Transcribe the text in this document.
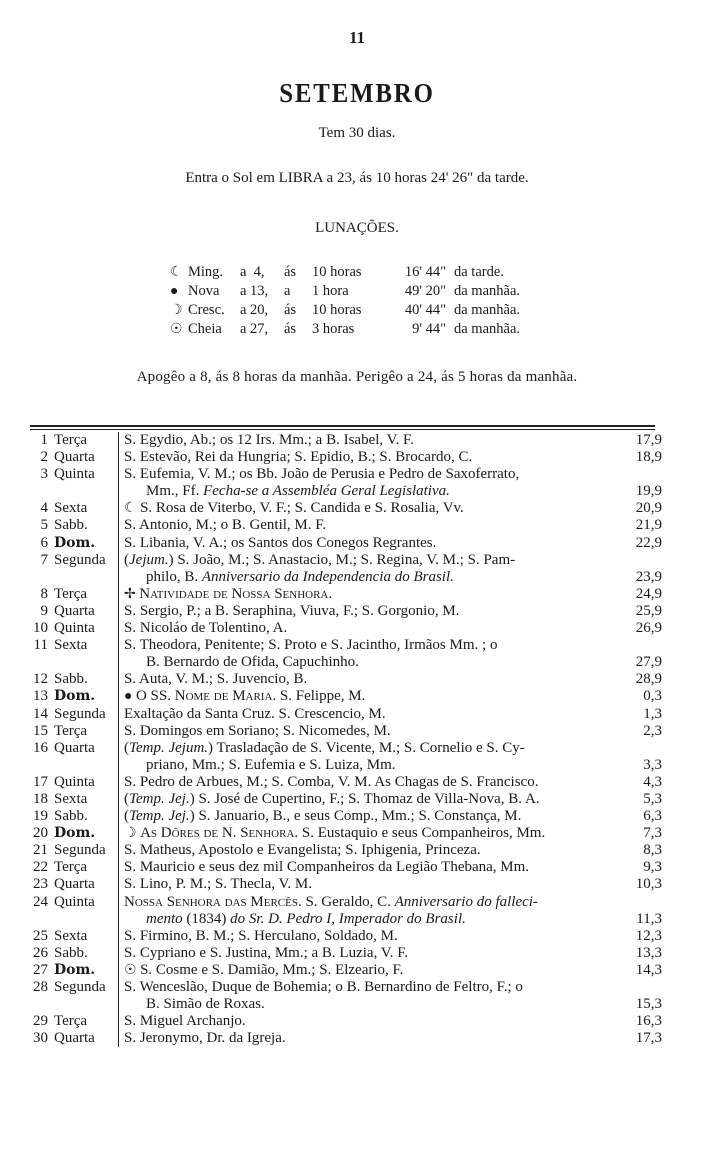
11
SETEMBRO
Tem 30 dias.
Entra o Sol em LIBRA a 23, ás 10 horas 24' 26" da tarde.
LUNAÇÕES.
☾ Ming.	a  4,	ás	10 horas	16' 44" da tarde.
● Nova	a 13,	a	1 hora	49' 20" da manhãa.
☽ Cresc.	a 20,	ás	10 horas	40' 44" da manhãa.
☉ Cheia	a 27,	ás	3 horas	9' 44" da manhãa.
Apogêo a 8, ás 8 horas da manhãa. Perigêo a 24, ás 5 horas da manhãa.
1 Terça S. Egydio, Ab.; os 12 Irs. Mm.; a B. Isabel, V. F.	17,9
2 Quarta S. Estevão, Rei da Hungria; S. Epidio, B.; S. Brocardo, C.	18,9
3 Quinta S. Eufemia, V. M.; os Bb. João de Perusia e Pedro de Saxoferrato,
Mm., Ff. Fecha-se a Assembléa Geral Legislativa.	19,9
4 Sexta	☾ S. Rosa de Viterbo, V. F.; S. Candida e S. Rosalia, Vv.	20,9
5 Sabb. S. Antonio, M.; o B. Gentil, M. F.	21,9
6 Dom. S. Libania, V. A.; os Santos dos Conegos Regrantes.	22,9
7 Segunda (Jejum.) S. João, M.; S. Anastacio, M.; S. Regina, V. M.; S. Pam-
philo, B. Anniversario da Independencia do Brasil.	23,9
8 Terça	✢ Natividade de Nossa Senhora.	24,9
9 Quarta S. Sergio, P.; a B. Seraphina, Viuva, F.; S. Gorgonio, M.	25,9
10 Quinta S. Nicoláo de Tolentino, A.	26,9
11 Sexta S. Theodora, Penitente; S. Proto e S. Jacintho, Irmãos Mm. ; o
B. Bernardo de Ofida, Capuchinho.	27,9
12 Sabb. S. Auta, V. M.; S. Juvencio, B.	28,9
13 Dom. ● O SS. Nome de Maria. S. Felippe, M.	0,3
14 Segunda Exaltação da Santa Cruz. S. Crescencio, M.	1,3
15 Terça S. Domingos em Soriano; S. Nicomedes, M.	2,3
16 Quarta (Temp. Jejum.) Trasladação de S. Vicente, M.; S. Cornelio e S. Cy-
priano, Mm.; S. Eufemia e S. Luiza, Mm.	3,3
17 Quinta S. Pedro de Arbues, M.; S. Comba, V. M. As Chagas de S. Francisco.	4,3
18 Sexta (Temp. Jej.) S. José de Cupertino, F.; S. Thomaz de Villa-Nova, B. A.	5,3
19 Sabb. (Temp. Jej.) S. Januario, B., e seus Comp., Mm.; S. Constança, M.	6,3
20 Dom. ☽ As Dôres de N. Senhora. S. Eustaquio e seus Companheiros, Mm.	7,3
21 Segunda S. Matheus, Apostolo e Evangelista; S. Iphigenia, Princeza.	8,3
22 Terça S. Mauricio e seus dez mil Companheiros da Legião Thebana, Mm.	9,3
23 Quarta S. Lino, P. M.; S. Thecla, V. M.	10,3
24 Quinta Nossa Senhora das Mercês. S. Geraldo, C. Anniversario do falleci-
mento (1834) do Sr. D. Pedro I, Imperador do Brasil.	11,3
25 Sexta S. Firmino, B. M.; S. Herculano, Soldado, M.	12,3
26 Sabb. S. Cypriano e S. Justina, Mm.; a B. Luzia, V. F.	13,3
27 Dom. ☉ S. Cosme e S. Damião, Mm.; S. Elzeario, F.	14,3
28 Segunda S. Wenceslão, Duque de Bohemia; o B. Bernardino de Feltro, F.; o
B. Simão de Roxas.	15,3
29 Terça S. Miguel Archanjo.	16,3
30 Quarta S. Jeronymo, Dr. da Igreja.	17,3
